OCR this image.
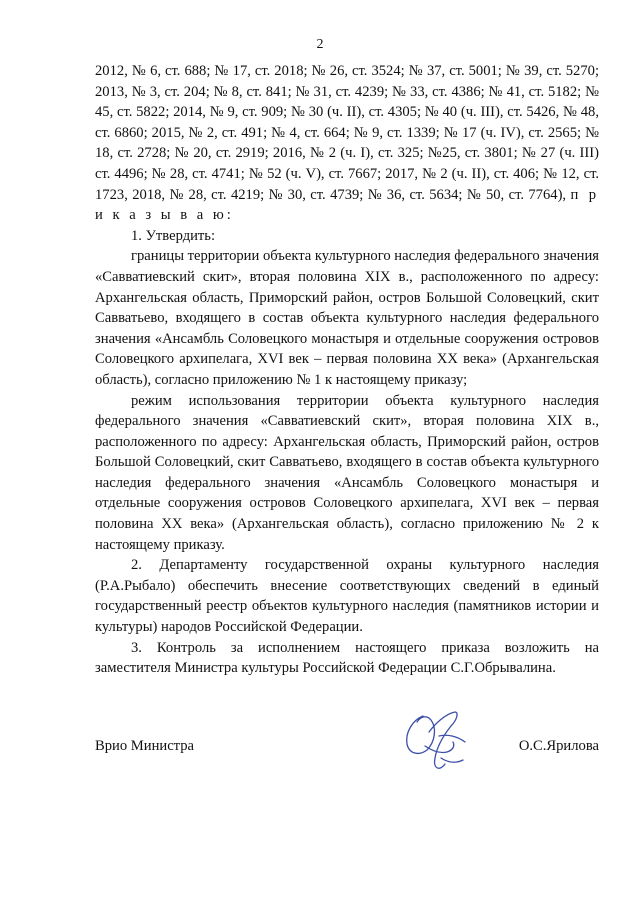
2

2012, № 6, ст. 688; № 17, ст. 2018; № 26, ст. 3524; № 37, ст. 5001; № 39, ст. 5270; 2013, № 3, ст. 204; № 8, ст. 841; № 31, ст. 4239; № 33, ст. 4386; № 41, ст. 5182; № 45, ст. 5822; 2014, № 9, ст. 909; № 30 (ч. II), ст. 4305; № 40 (ч. III), ст. 5426, № 48, ст. 6860; 2015, № 2, ст. 491; № 4, ст. 664; № 9, ст. 1339; № 17 (ч. IV), ст. 2565; № 18, ст. 2728; № 20, ст. 2919; 2016, № 2 (ч. I), ст. 325; №25, ст. 3801; № 27 (ч. III) ст. 4496; № 28, ст. 4741; № 52 (ч. V), ст. 7667; 2017, № 2 (ч. II), ст. 406; № 12, ст. 1723, 2018, № 28, ст. 4219; № 30, ст. 4739; № 36, ст. 5634; № 50, ст. 7764), п р и к а з ы в а ю:

1. Утвердить:

границы территории объекта культурного наследия федерального значения «Савватиевский скит», вторая половина XIX в., расположенного по адресу: Архангельская область, Приморский район, остров Большой Соловецкий, скит Савватьево, входящего в состав объекта культурного наследия федерального значения «Ансамбль Соловецкого монастыря и отдельные сооружения островов Соловецкого архипелага, XVI век – первая половина XX века» (Архангельская область), согласно приложению № 1 к настоящему приказу;

режим использования территории объекта культурного наследия федерального значения «Савватиевский скит», вторая половина XIX в., расположенного по адресу: Архангельская область, Приморский район, остров Большой Соловецкий, скит Савватьево, входящего в состав объекта культурного наследия федерального значения «Ансамбль Соловецкого монастыря и отдельные сооружения островов Соловецкого архипелага, XVI век – первая половина XX века» (Архангельская область), согласно приложению № 2 к настоящему приказу.

2. Департаменту государственной охраны культурного наследия (Р.А.Рыбало) обеспечить внесение соответствующих сведений в единый государственный реестр объектов культурного наследия (памятников истории и культуры) народов Российской Федерации.

3. Контроль за исполнением настоящего приказа возложить на заместителя Министра культуры Российской Федерации С.Г.Обрывалина.

Врио Министра	О.С.Ярилова
